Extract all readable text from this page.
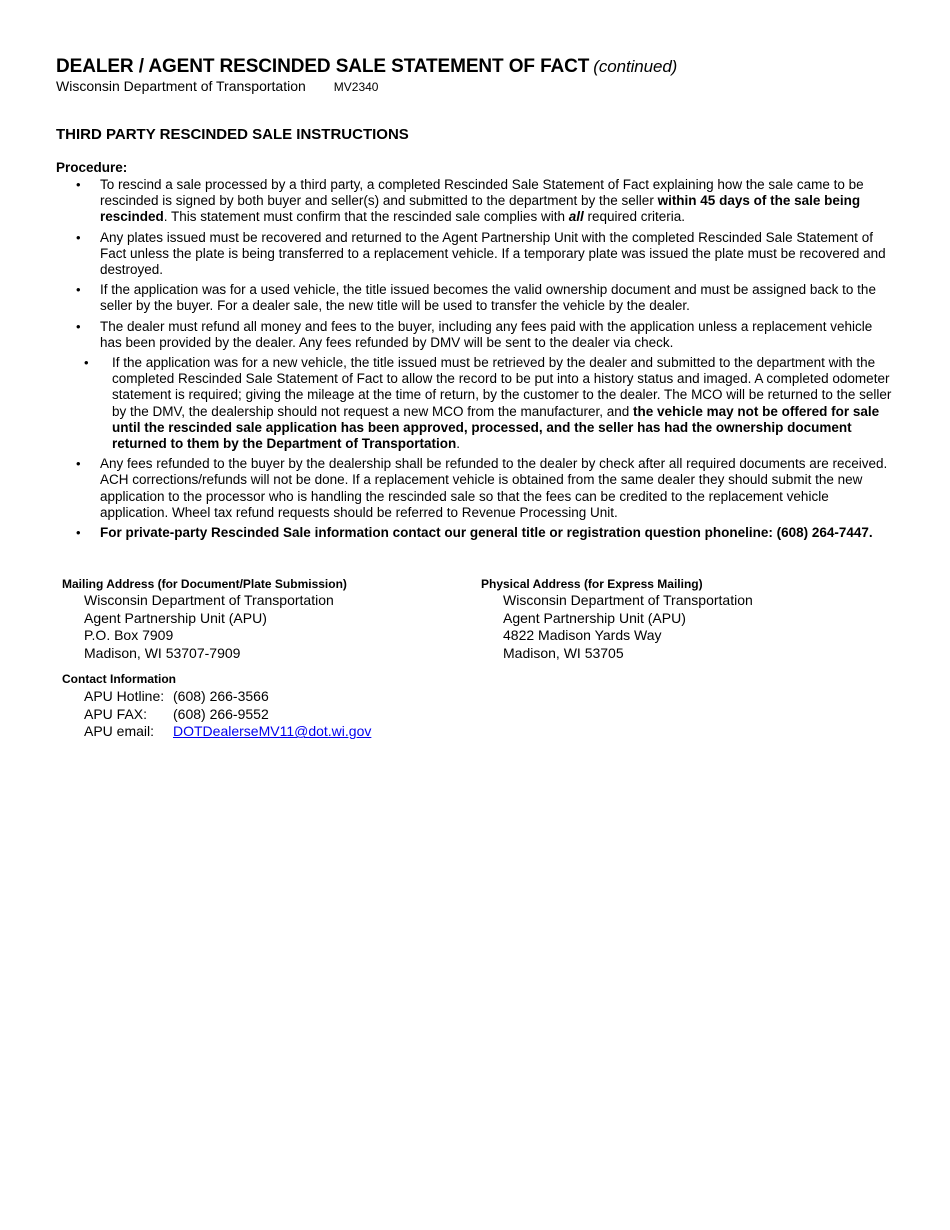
DEALER / AGENT RESCINDED SALE STATEMENT OF FACT (continued)
Wisconsin Department of Transportation MV2340
THIRD PARTY RESCINDED SALE INSTRUCTIONS
Procedure:
• To rescind a sale processed by a third party, a completed Rescinded Sale Statement of Fact explaining how the sale came to be rescinded is signed by both buyer and seller(s) and submitted to the department by the seller within 45 days of the sale being rescinded. This statement must confirm that the rescinded sale complies with all required criteria.
• Any plates issued must be recovered and returned to the Agent Partnership Unit with the completed Rescinded Sale Statement of Fact unless the plate is being transferred to a replacement vehicle. If a temporary plate was issued the plate must be recovered and destroyed.
• If the application was for a used vehicle, the title issued becomes the valid ownership document and must be assigned back to the seller by the buyer. For a dealer sale, the new title will be used to transfer the vehicle by the dealer.
• The dealer must refund all money and fees to the buyer, including any fees paid with the application unless a replacement vehicle has been provided by the dealer. Any fees refunded by DMV will be sent to the dealer via check.
• If the application was for a new vehicle, the title issued must be retrieved by the dealer and submitted to the department with the completed Rescinded Sale Statement of Fact to allow the record to be put into a history status and imaged. A completed odometer statement is required; giving the mileage at the time of return, by the customer to the dealer. The MCO will be returned to the seller by the DMV, the dealership should not request a new MCO from the manufacturer, and the vehicle may not be offered for sale until the rescinded sale application has been approved, processed, and the seller has had the ownership document returned to them by the Department of Transportation.
• Any fees refunded to the buyer by the dealership shall be refunded to the dealer by check after all required documents are received. ACH corrections/refunds will not be done. If a replacement vehicle is obtained from the same dealer they should submit the new application to the processor who is handling the rescinded sale so that the fees can be credited to the replacement vehicle application. Wheel tax refund requests should be referred to Revenue Processing Unit.
• For private-party Rescinded Sale information contact our general title or registration question phoneline: (608) 264-7447.
Mailing Address (for Document/Plate Submission)
Wisconsin Department of Transportation
Agent Partnership Unit (APU)
P.O. Box 7909
Madison, WI 53707-7909
Physical Address (for Express Mailing)
Wisconsin Department of Transportation
Agent Partnership Unit (APU)
4822 Madison Yards Way
Madison, WI 53705
Contact Information
APU Hotline: (608) 266-3566
APU FAX:	(608) 266-9552
APU email:	DOTDealerseMV11@dot.wi.gov
